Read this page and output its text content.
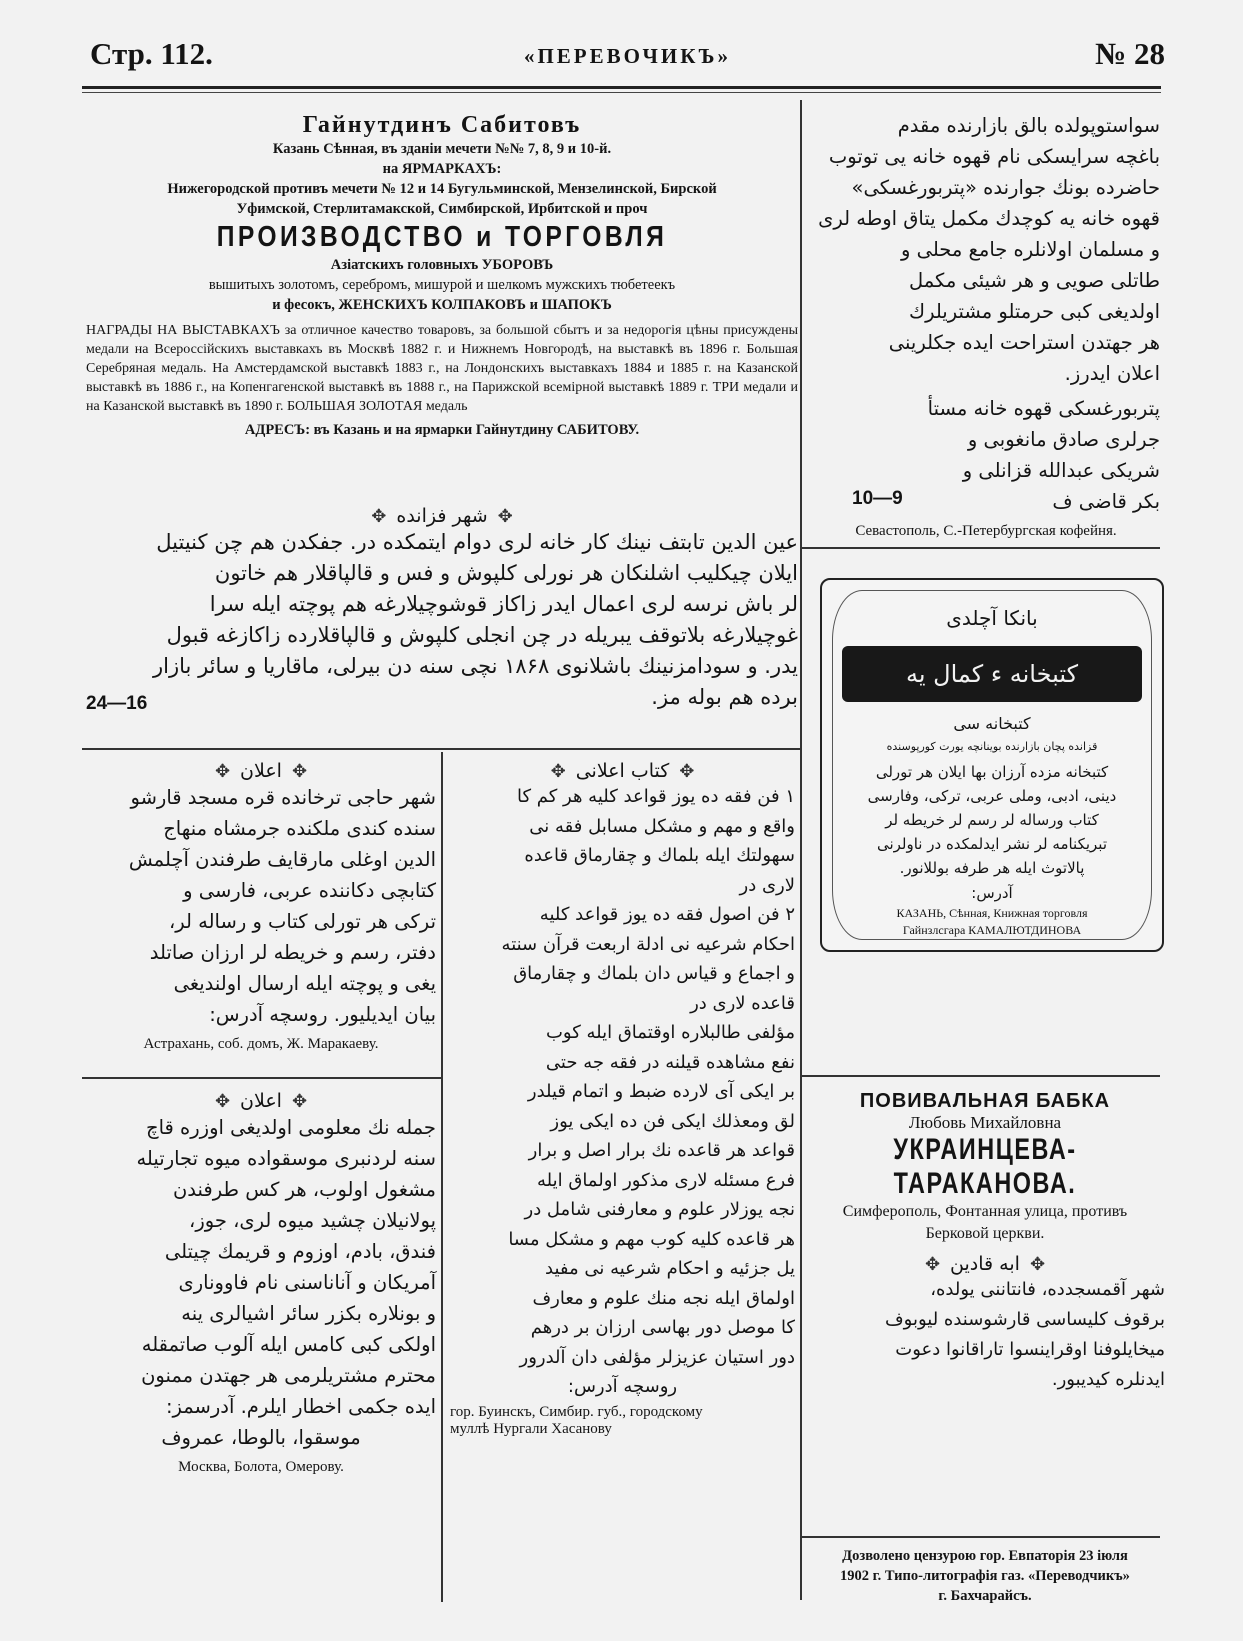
Стр. 112.	«ПЕРЕВОЧИКЪ»	№ 28
Гайнутдинъ Сабитовъ
Казань Сѣнная, въ зданіи мечети №№ 7, 8, 9 и 10-й.
на ЯРМАРКАХЪ:
Нижегородской противъ мечети № 12 и 14 Бугульминской, Мензелинской, Бирской
Уфимской, Стерлитамакской, Симбирской, Ирбитской и проч
ПРОИЗВОДСТВО и ТОРГОВЛЯ
Азіатскихъ головныхъ УБОРОВЪ
вышитыхъ золотомъ, серебромъ, мишурой и шелкомъ мужскихъ тюбетеекъ
и фесокъ, ЖЕНСКИХЪ КОЛПАКОВЪ и ШАПОКЪ
НАГРАДЫ НА ВЫСТАВКАХЪ за отличное качество товаровъ, за большой сбытъ и за недорогія цѣны присуждены медали на Всероссійскихъ выставкахъ въ Москвѣ 1882 г. и Нижнемъ Новгородѣ, на выставкѣ въ 1896 г. Большая Серебряная медаль. На Амстердамской выставкѣ 1883 г., на Лондонскихъ выставкахъ 1884 и 1885 г. на Казанской выставкѣ въ 1886 г., на Копенгагенской выставкѣ въ 1888 г., на Парижской всемірной выставкѣ 1889 г. ТРИ медали и на Казанской выставкѣ въ 1890 г. БОЛЬШАЯ ЗОЛОТАЯ медаль
АДРЕСЪ: въ Казань и на ярмарки Гайнутдину САБИТОВУ.
✥ شهر فزانده ✥
عين الدين تابتف نينك كار خانه لرى دوام ايتمكده در. جفكدن هم چن كنيتيل
ايلان چيكليب اشلنكان هر نورلى كلپوش و فس و قالپاقلار هم خاتون
لر باش نرسه لرى اعمال ايدر زاكاز قوشوچيلارغه هم پوچته ايله سرا
غوچيلارغه بلاتوقف يبريله در چن انجلى كلپوش و قالپاقلارده زاكازغه قبول
يدر. و سودامزنينك باشلانوى ۱۸۶۸ نچى سنه دن بيرلى، ماقاريا و سائر بازار
برده هم بوله مز.
24—16
✥ اعلان ✥
شهر حاجى ترخانده قره مسجد قارشو
سنده كندى ملكنده جرمشاه منهاج
الدين اوغلى مارقايف طرفندن آچلمش
كتابچى دكاننده عربى، فارسى و
تركى هر تورلى كتاب و رساله لر،
دفتر، رسم و خريطه لر ارزان صاتلد
يغى و پوچته ايله ارسال اولنديغى
بيان ايديليور. روسچه آدرس:
Астрахань, соб. домъ, Ж. Маракаеву.
✥ اعلان ✥
جمله نك معلومى اولديغى اوزره قاچ
سنه لردنبرى موسقواده ميوه تجارتيله
مشغول اولوب، هر كس طرفندن
پولانيلان چشيد ميوه لرى، جوز،
فندق، بادم، اوزوم و قريمك چيتلى
آمريكان و آناناسنى نام فاوونارى
و بونلاره بكزر سائر اشيالرى ينه
اولكى كبى كامس ايله آلوب صاتمقله
محترم مشتريلرمى هر جهتدن ممنون
ايده جكمى اخطار ايلرم. آدرسمز:
موسقوا، بالوطا، عمروف
Москва, Болота, Омерову.
✥ كتاب اعلانى ✥
۱ فن فقه ده يوز قواعد كليه هر كم كا
واقع و مهم و مشكل مسابل فقه نى
سهولتك ايله بلماك و چقارماق قاعده
لارى در
۲ فن اصول فقه ده يوز قواعد كليه
احكام شرعيه نى ادلة اربعت قرآن سنته
و اجماع و قياس دان بلماك و چقارماق
قاعده لارى در
مؤلفى طالبلاره اوقتماق ايله كوب
نفع مشاهده قيلنه در فقه جه حتى
بر ايكى آى لارده ضبط و اتمام قيلدر
لق ومعذلك ايكى فن ده ايكى يوز
قواعد هر قاعده نك برار اصل و برار
فرع مسئله لارى مذكور اولماق ايله
نجه يوزلار علوم و معارفنى شامل در
هر قاعده كليه كوب مهم و مشكل مسا
يل جزئيه و احكام شرعيه نى مفيد
اولماق ايله نجه منك علوم و معارف
كا موصل دور بهاسى ارزان بر درهم
دور استيان عزيزلر مؤلفى دان آلدرور
روسچه آدرس:
гор. Буинскъ, Симбир. губ., городскому
муллѣ Нургали Хасанову
سواستوپولده بالق بازارنده مقدم
باغچه سرايسكى نام قهوه خانه يى توتوب
حاضرده بونك جوارنده «پتربورغسكى»
قهوه خانه يه كوچدك مكمل يتاق اوطه لرى
و مسلمان اولانلره جامع محلى و
طاتلى صويى و هر شيئى مكمل
اولديغى كبى حرمتلو مشتريلرك
هر جهتدن استراحت ايده جكلرينى
اعلان ايدرز.
پتربورغسكى قهوه خانه مستأ
جرلرى صادق مانغوبى و
شريكى عبدالله قزانلى و
بكر قاضى ف
10—9
Севастополь, С.-Петербургская кофейня.
بانكا آچلدى
كتبخانه ء كمال يه
كتبخانه سى
قزانده پچان بازارنده بوينانچه يورت كورپوسنده
كتبخانه مزده آرزان بها ايلان هر تورلى
دينى، ادبى، وملى عربى، تركى، وفارسى
كتاب ورساله لر رسم لر خريطه لر
تبريكنامه لر نشر ايدلمكده در ناولرنى
پالاتوث ايله هر طرفه بوللانور.
آدرس:
КАЗАНЬ, Сѣнная, Книжная торговля
Гайнзлсгара КАМАЛЮТДИНОВА
ПОВИВАЛЬНАЯ БАБКА
Любовь Михайловна
УКРАИНЦЕВА-ТАРАКАНОВА.
Симферополь, Фонтанная улица, противъ
Берковой церкви.
✥ ابه قادين ✥
شهر آقمسجدده، فانتاننى يولده،
برقوف كليساسى قارشوسنده ليوبوف
ميخايلوفنا اوقراينسوا تاراقانوا دعوت
ايدنلره كيديبور.
Дозволено цензурою гор. Евпаторія 23 іюля
1902 г. Типо-литографія газ. «Переводчикъ»
г. Бахчарайсъ.
